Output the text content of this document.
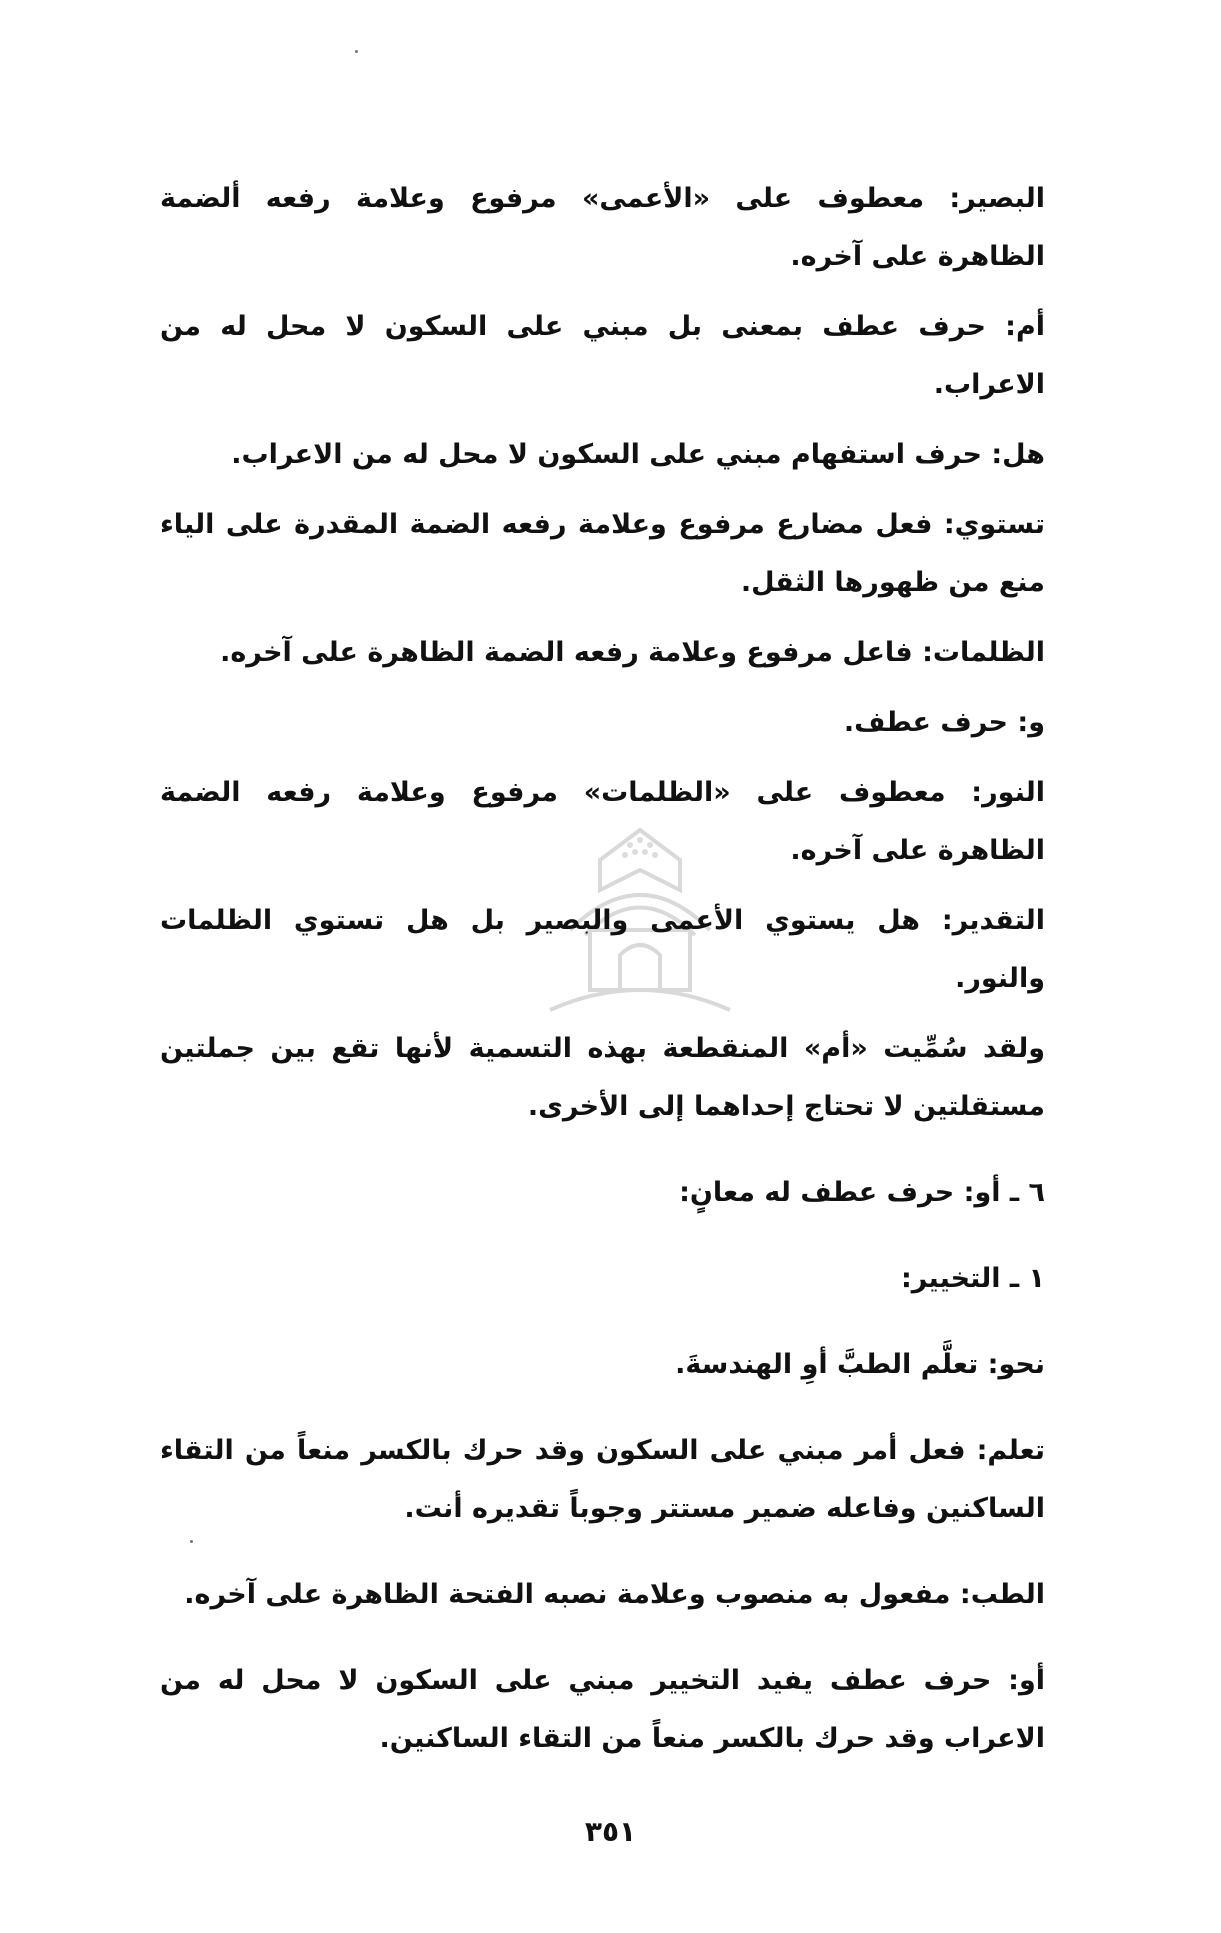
البصير: معطوف على «الأعمى» مرفوع وعلامة رفعه ألضمة الظاهرة على آخره.

أم: حرف عطف بمعنى بل مبني على السكون لا محل له من الاعراب.

هل: حرف استفهام مبني على السكون لا محل له من الاعراب.

تستوي: فعل مضارع مرفوع وعلامة رفعه الضمة المقدرة على الياء منع من ظهورها الثقل.

الظلمات: فاعل مرفوع وعلامة رفعه الضمة الظاهرة على آخره.

و: حرف عطف.

النور: معطوف على «الظلمات» مرفوع وعلامة رفعه الضمة الظاهرة على آخره.

التقدير: هل يستوي الأعمى والبصير بل هل تستوي الظلمات والنور.

ولقد سُمِّيت «أم» المنقطعة بهذه التسمية لأنها تقع بين جملتين مستقلتين لا تحتاج إحداهما إلى الأخرى.

٦ ـ أو: حرف عطف له معانٍ:

١ ـ التخيير:

نحو: تعلَّم الطبَّ أوِ الهندسةَ.

تعلم: فعل أمر مبني على السكون وقد حرك بالكسر منعاً من التقاء الساكنين وفاعله ضمير مستتر وجوباً تقديره أنت.

الطب: مفعول به منصوب وعلامة نصبه الفتحة الظاهرة على آخره.

أو: حرف عطف يفيد التخيير مبني على السكون لا محل له من الاعراب وقد حرك بالكسر منعاً من التقاء الساكنين.

٣٥١
